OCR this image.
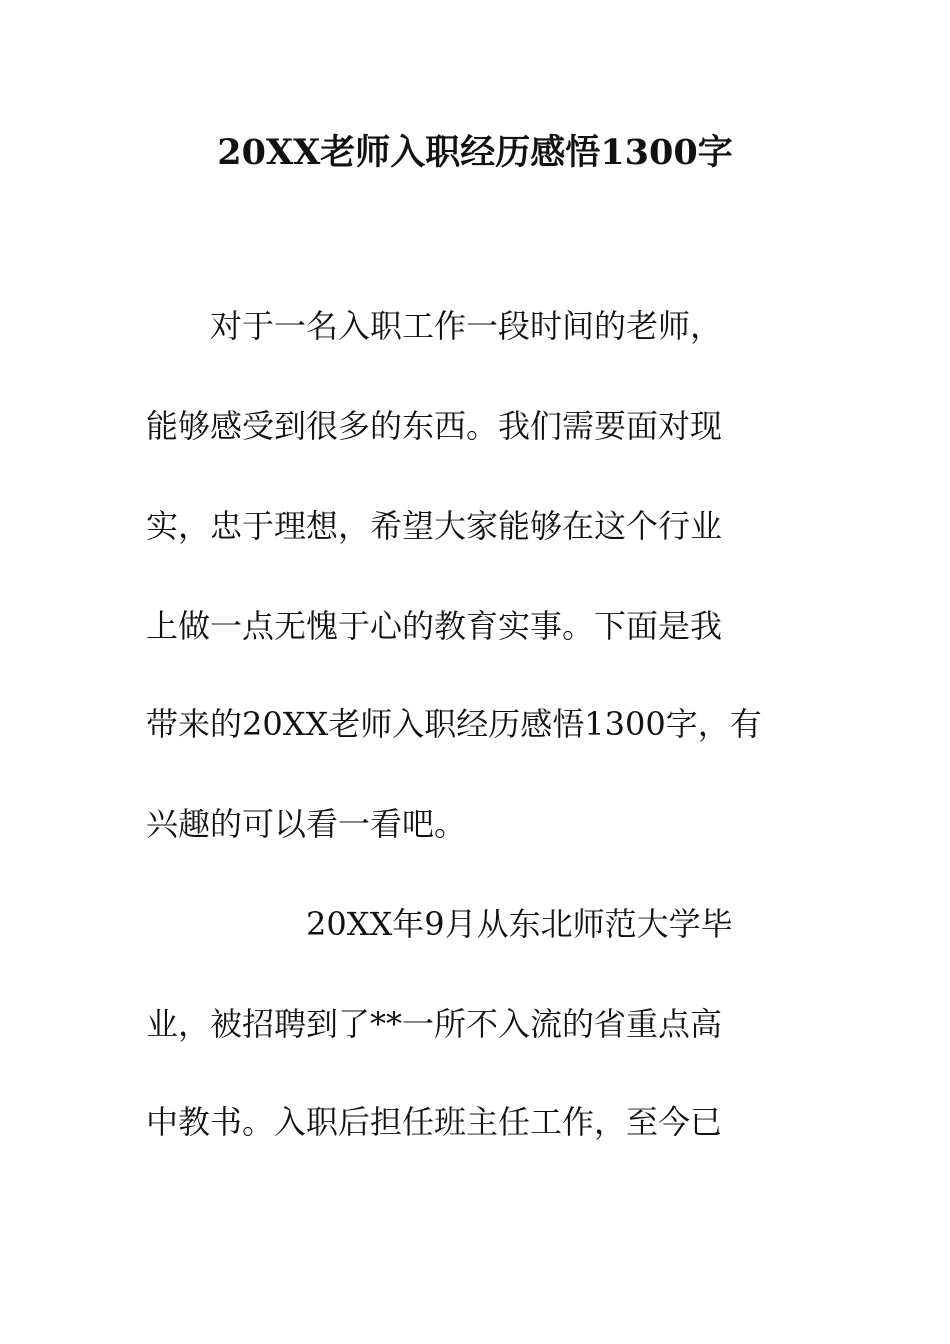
20XX老师入职经历感悟1300字

　　对于一名入职工作一段时间的老师，

能够感受到很多的东西。我们需要面对现

实，忠于理想，希望大家能够在这个行业

上做一点无愧于心的教育实事。下面是我

带来的20XX老师入职经历感悟1300字，有

兴趣的可以看一看吧。

　　　　　20XX年9月从东北师范大学毕

业，被招聘到了**一所不入流的省重点高

中教书。入职后担任班主任工作，至今已
